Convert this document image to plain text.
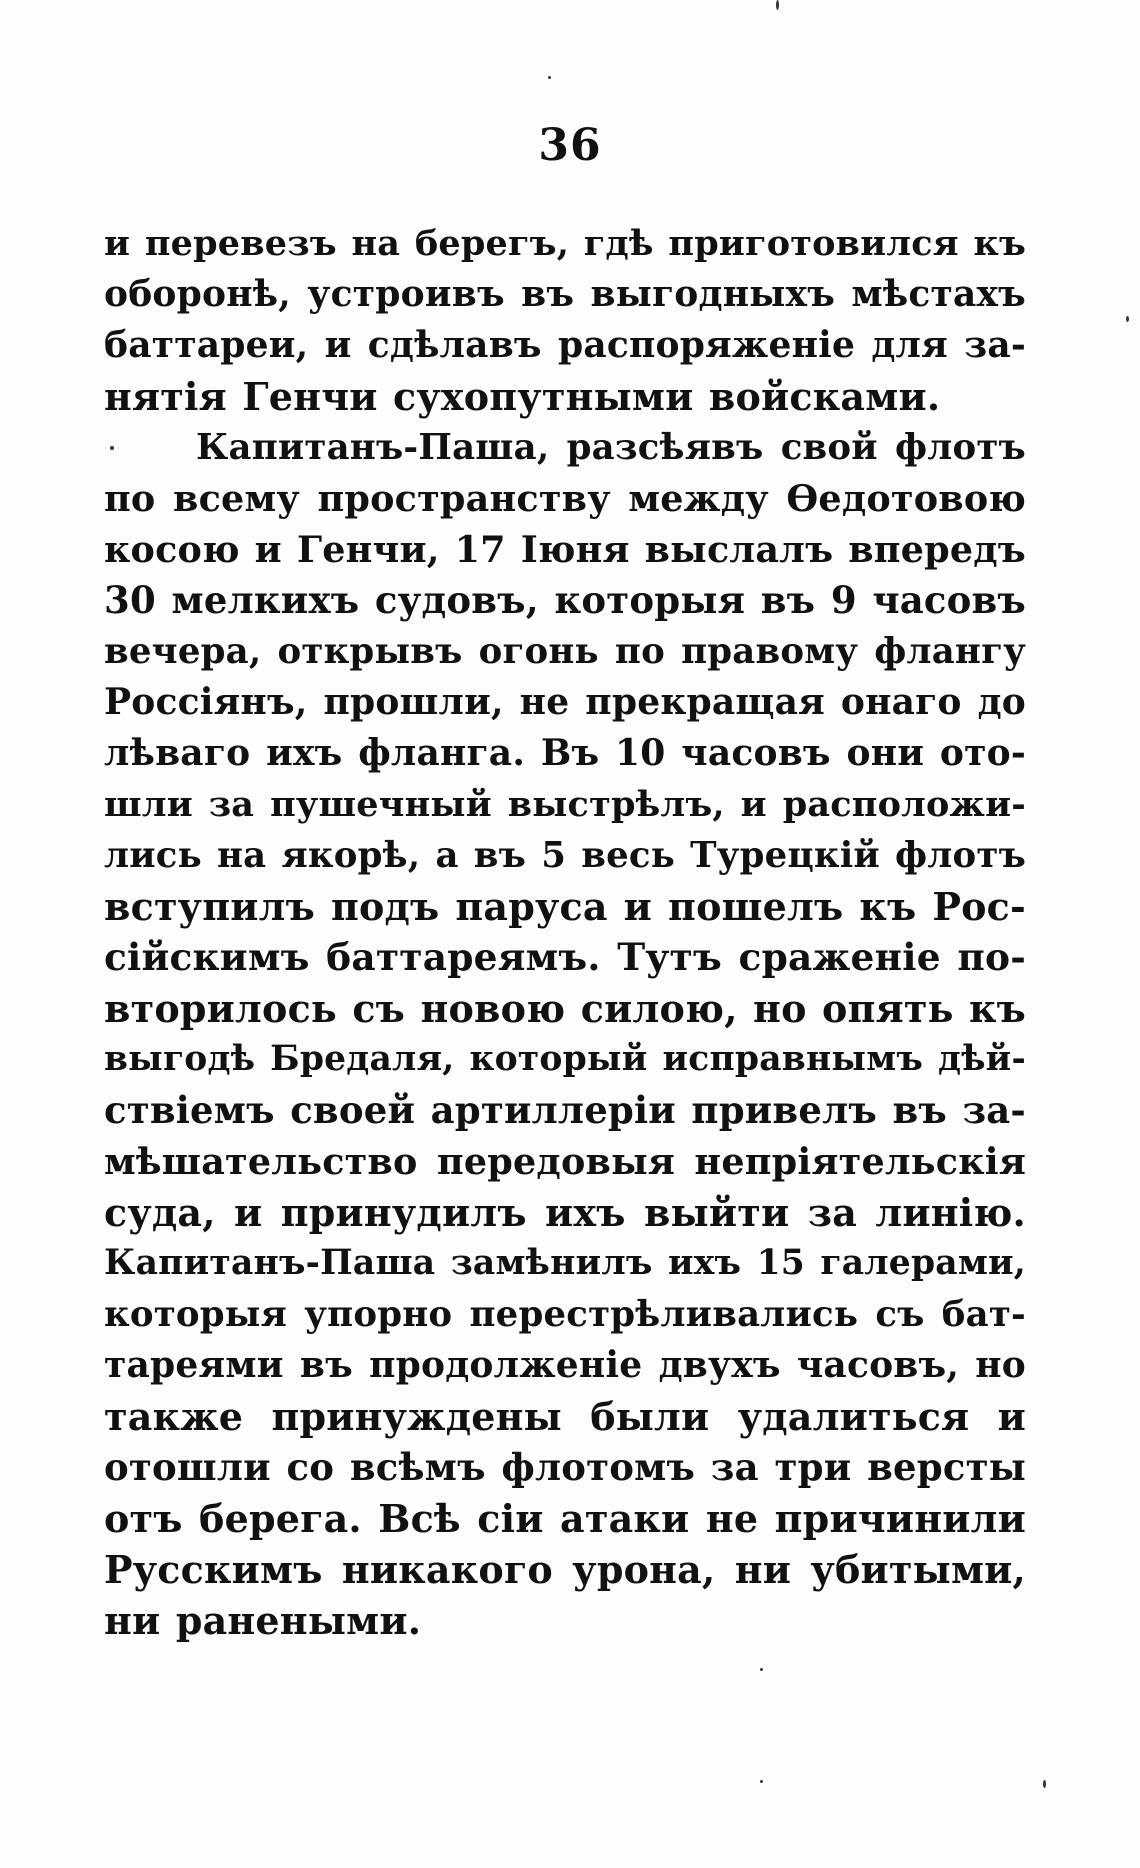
36
и перевезъ на берегъ, гдѣ приготовился къ
оборонѣ, устроивъ въ выгодныхъ мѣстахъ
баттареи, и сдѣлавъ распоряженіе для за-
нятія Генчи сухопутными войсками.
Капитанъ-Паша, разсѣявъ свой флотъ
по всему пространству между Ѳедотовою
косою и Генчи, 17 Іюня выслалъ впередъ
30 мелкихъ судовъ, которыя въ 9 часовъ
вечера, открывъ огонь по правому флангу
Россіянъ, прошли, не прекращая онаго до
лѣваго ихъ фланга. Въ 10 часовъ они ото-
шли за пушечный выстрѣлъ, и расположи-
лись на якорѣ, а въ 5 весь Турецкій флотъ
вступилъ подъ паруса и пошелъ къ Рос-
сійскимъ баттареямъ. Тутъ сраженіе по-
вторилось съ новою силою, но опять къ
выгодѣ Бредаля, который исправнымъ дѣй-
ствіемъ своей артиллеріи привелъ въ за-
мѣшательство передовыя непріятельскія
суда, и принудилъ ихъ выйти за линію.
Капитанъ-Паша замѣнилъ ихъ 15 галерами,
которыя упорно перестрѣливались съ бат-
тареями въ продолженіе двухъ часовъ, но
также принуждены были удалиться и
отошли со всѣмъ флотомъ за три версты
отъ берега. Всѣ сіи атаки не причинили
Русскимъ никакого урона, ни убитыми,
ни ранеными.
